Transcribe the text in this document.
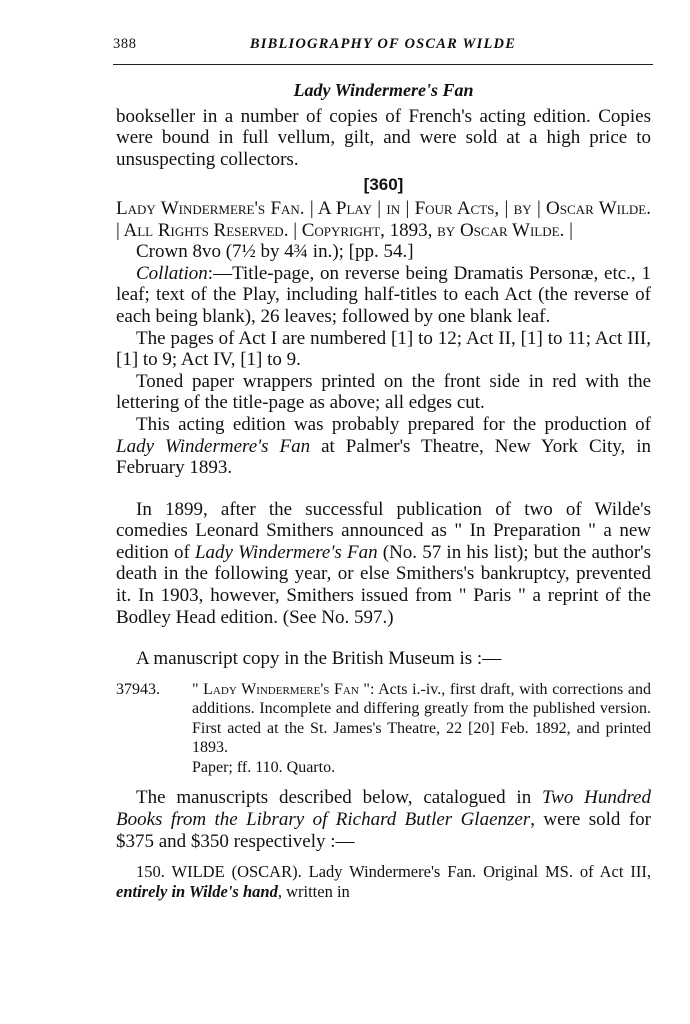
388	BIBLIOGRAPHY OF OSCAR WILDE
Lady Windermere's Fan

bookseller in a number of copies of French's acting edition. Copies were bound in full vellum, gilt, and were sold at a high price to unsuspecting collectors.

[360]

Lady Windermere's Fan. | A Play | in | Four Acts, | by | Oscar Wilde. | All Rights Reserved. | Copyright, 1893, by Oscar Wilde. |

Crown 8vo (7½ by 4¾ in.); [pp. 54.]

Collation:—Title-page, on reverse being Dramatis Personæ, etc., 1 leaf; text of the Play, including half-titles to each Act (the reverse of each being blank), 26 leaves; followed by one blank leaf.

The pages of Act I are numbered [1] to 12; Act II, [1] to 11; Act III, [1] to 9; Act IV, [1] to 9.

Toned paper wrappers printed on the front side in red with the lettering of the title-page as above; all edges cut.

This acting edition was probably prepared for the production of Lady Windermere's Fan at Palmer's Theatre, New York City, in February 1893.

In 1899, after the successful publication of two of Wilde's comedies Leonard Smithers announced as " In Preparation " a new edition of Lady Windermere's Fan (No. 57 in his list); but the author's death in the following year, or else Smithers's bankruptcy, prevented it. In 1903, however, Smithers issued from " Paris " a reprint of the Bodley Head edition. (See No. 597.)

A manuscript copy in the British Museum is :—

37943. " Lady Windermere's Fan ": Acts i.-iv., first draft, with corrections and additions. Incomplete and differing greatly from the published version. First acted at the St. James's Theatre, 22 [20] Feb. 1892, and printed 1893.
Paper; ff. 110. Quarto.

The manuscripts described below, catalogued in Two Hundred Books from the Library of Richard Butler Glaenzer, were sold for $375 and $350 respectively :—

150. WILDE (OSCAR). Lady Windermere's Fan. Original MS. of Act III, entirely in Wilde's hand, written in
